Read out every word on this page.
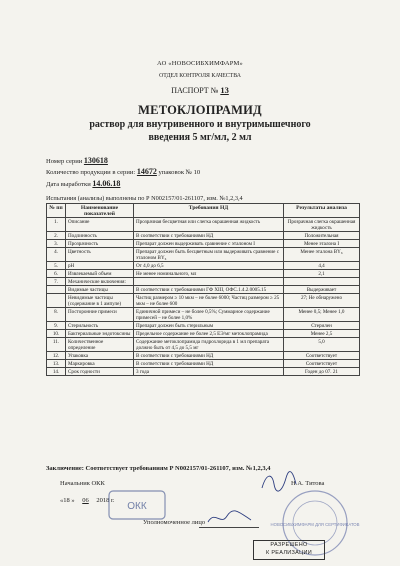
АО «НОВОСИБХИМФАРМ»
ОТДЕЛ КОНТРОЛЯ КАЧЕСТВА
ПАСПОРТ № 13
МЕТОКЛОПРАМИД
раствор для внутривенного и внутримышечного
введения 5 мг/мл, 2 мл
Номер серии 130618
Количество продукции в серии: 14672 упаковок № 10
Дата выработки 14.06.18
Испытания (анализы) выполнены по Р N002157/01-261107, изм. №1,2,3,4
№ пп	Наименование показателей	Требования НД	Результаты анализа
1.	Описание	Прозрачная бесцветная или слегка окрашенная жидкость	Прозрачная слегка окрашенная жидкость
2.	Подлинность	В соответствии с требованиями НД	Положительная
3.	Прозрачность	Препарат должен выдерживать сравнение с эталоном I	Менее эталона I
4.	Цветность	Препарат должен быть бесцветным или выдерживать сравнение с эталоном BY₆	Менее эталона BY₆
5.	pH	От 4,0 до 6,5	4,4
6.	Извлекаемый объем	Не менее номинального, мл	2,1
7.	Механические включения:		
	Видимые частицы	В соответствии с требованиями ГФ XIII, ОФС.1.4.2.0005.15	Выдерживает
	Невидимые частицы (содержание в 1 ампуле)	Частиц размером ≥ 10 мкм – не более 6000; Частиц размером ≥ 25 мкм – не более 600	27; Не обнаружено
8.	Посторонние примеси	Единичной примеси – не более 0,5%; Суммарное содержание примесей – не более 1,0%	Менее 0,5; Менее 1,0
9.	Стерильность	Препарат должен быть стерильным	Стерилен
10.	Бактериальные эндотоксины	Предельное содержание не более 2,5 ЕЭ/мг метоклопрамида	Менее 2,5
11.	Количественное определение	Содержание метоклопрамида гидрохлорида в 1 мл препарата должно быть от 4,5 до 5,5 мг	5,0
12.	Упаковка	В соответствии с требованиями НД	Соответствует
13.	Маркировка	В соответствии с требованиями НД	Соответствует
14.	Срок годности	3 года	Годен до 07. 21
Заключение: Соответствует требованиям Р N002157/01-261107, изм. №1,2,3,4
Начальник ОКК	Н.А. Титова
«18 » 06 2018 г.
Уполномоченное лицо
ОКК
НОВОСИБХИМФАРМ ДЛЯ СЕРТИФИКАТОВ
РАЗРЕШЕНО
К РЕАЛИЗАЦИИ
